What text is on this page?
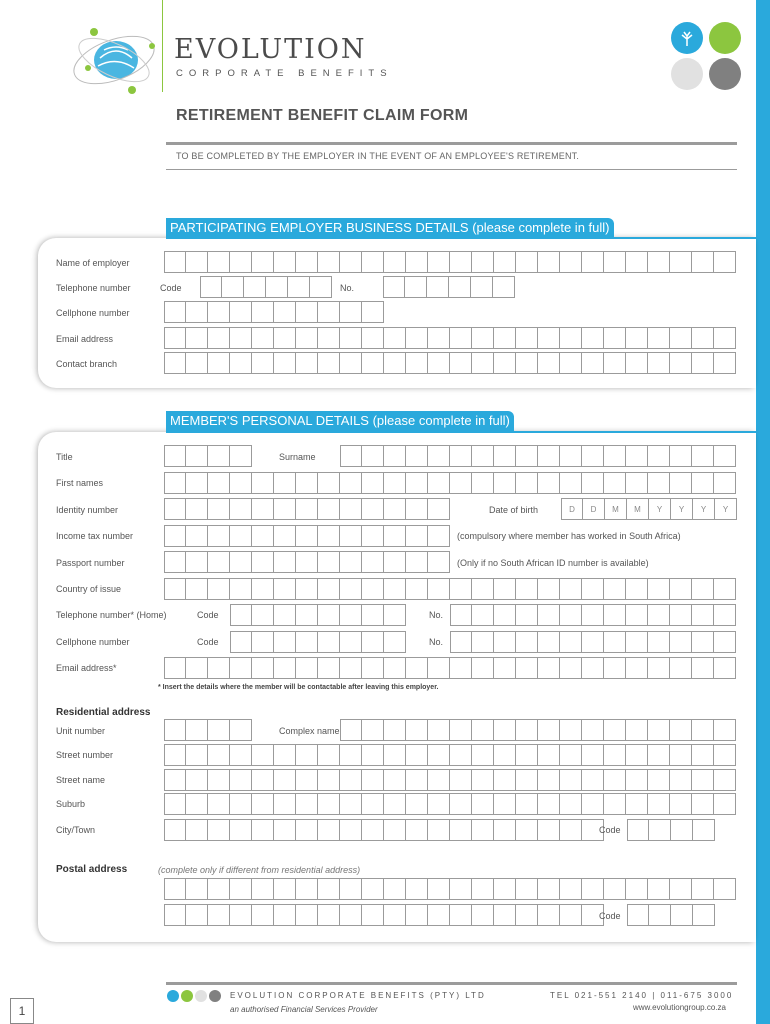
EVOLUTION
CORPORATE BENEFITS
RETIREMENT BENEFIT CLAIM FORM
TO BE COMPLETED BY THE EMPLOYER IN THE EVENT OF AN EMPLOYEE'S RETIREMENT.
PARTICIPATING EMPLOYER BUSINESS DETAILS (please complete in full)
Name of employer
Telephone number	Code	No.
Cellphone number
Email address
Contact branch
MEMBER'S PERSONAL DETAILS (please complete in full)
Title	Surname
First names
Identity number	Date of birth	D	D	M	M	Y	Y	Y	Y
Income tax number	(compulsory where member has worked in South Africa)
Passport number	(Only if no South African ID number is available)
Country of issue
Telephone number* (Home)	Code	No.
Cellphone number	Code	No.
Email address*
* Insert the details where the member will be contactable after leaving this employer.
Residential address
Unit number	Complex name
Street number
Street name
Suburb
City/Town	Code
Postal address	(complete only if different from residential address)
Code
EVOLUTION CORPORATE BENEFITS (PTY) LTD
an authorised Financial Services Provider
TEL 021-551 2140 | 011-675 3000
www.evolutiongroup.co.za
1
